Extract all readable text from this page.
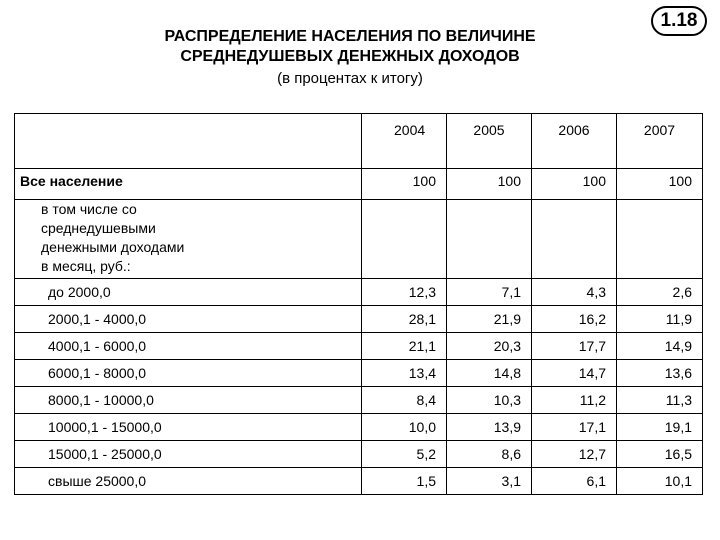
РАСПРЕДЕЛЕНИЕ НАСЕЛЕНИЯ ПО ВЕЛИЧИНЕ
СРЕДНЕДУШЕВЫХ ДЕНЕЖНЫХ ДОХОДОВ
(в процентах к итогу)
1.18
	2004	2005	2006	2007
Все население	100	100	100	100

в том числе со
среднедушевыми
денежными доходами
в месяц, руб.:				

до 2000,0	12,3	7,1	4,3	2,6
2000,1 - 4000,0	28,1	21,9	16,2	11,9
4000,1 - 6000,0	21,1	20,3	17,7	14,9
6000,1 - 8000,0	13,4	14,8	14,7	13,6
8000,1 - 10000,0	8,4	10,3	11,2	11,3
10000,1 - 15000,0	10,0	13,9	17,1	19,1
15000,1 - 25000,0	5,2	8,6	12,7	16,5
свыше 25000,0	1,5	3,1	6,1	10,1
